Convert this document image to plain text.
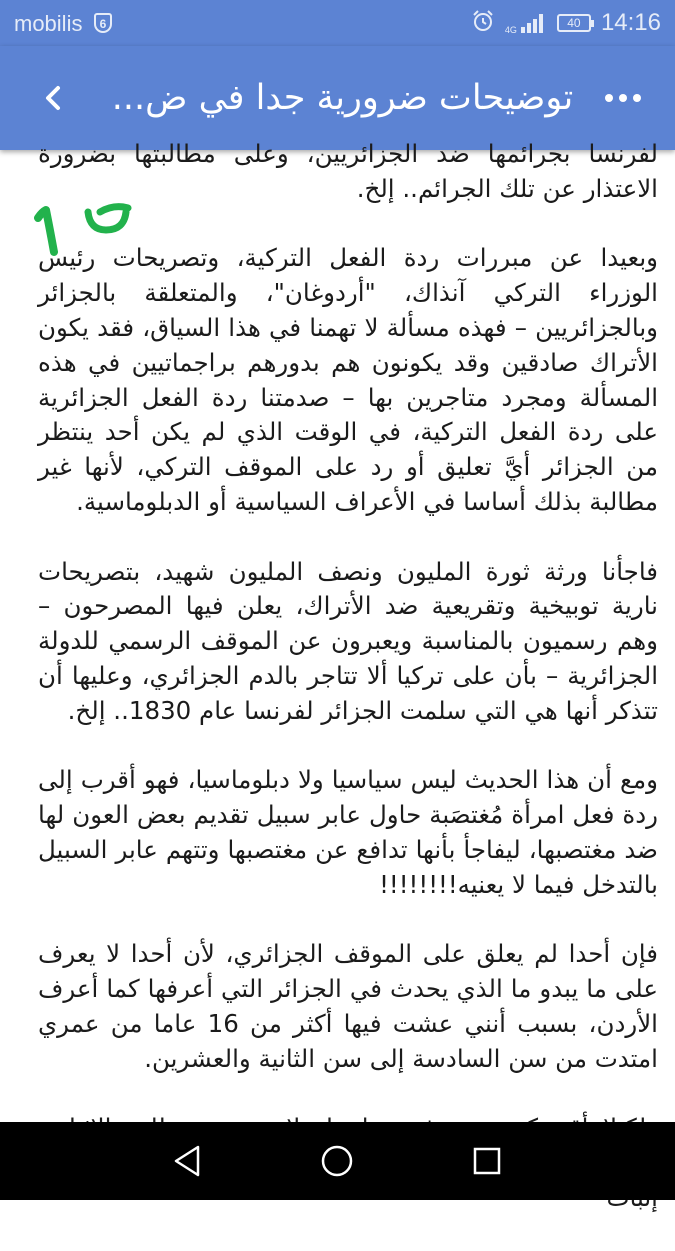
mobilis	6	4G	40 14:16
توضيحات ضرورية جدا في ض...

لفرنسا بجرائمها ضد الجزائريين، وعلى مطالبتها بضرورة الاعتذار عن تلك الجرائم.. إلخ.

وبعيدا عن مبررات ردة الفعل التركية، وتصريحات رئيس الوزراء التركي آنذاك، "أردوغان"، والمتعلقة بالجزائر وبالجزائريين – فهذه مسألة لا تهمنا في هذا السياق، فقد يكون الأتراك صادقين وقد يكونون هم بدورهم براجماتيين في هذه المسألة ومجرد متاجرين بها – صدمتنا ردة الفعل الجزائرية على ردة الفعل التركية، في الوقت الذي لم يكن أحد ينتظر من الجزائر أيَّ تعليق أو رد على الموقف التركي، لأنها غير مطالبة بذلك أساسا في الأعراف السياسية أو الدبلوماسية.

فاجأنا ورثة ثورة المليون ونصف المليون شهيد، بتصريحات نارية توبيخية وتقريعية ضد الأتراك، يعلن فيها المصرحون – وهم رسميون بالمناسبة ويعبرون عن الموقف الرسمي للدولة الجزائرية – بأن على تركيا ألا تتاجر بالدم الجزائري، وعليها أن تتذكر أنها هي التي سلمت الجزائر لفرنسا عام 1830.. إلخ.

ومع أن هذا الحديث ليس سياسيا ولا دبلوماسيا، فهو أقرب إلى ردة فعل امرأة مُغتصَبة حاول عابر سبيل تقديم بعض العون لها ضد مغتصبها، ليفاجأ بأنها تدافع عن مغتصبها وتتهم عابر السبيل بالتدخل فيما لا يعنيه!!!!!!!!

فإن أحدا لم يعلق على الموقف الجزائري، لأن أحدا لا يعرف على ما يبدو ما الذي يحدث في الجزائر التي أعرفها كما أعرف الأردن، بسبب أنني عشت فيها أكثر من 16 عاما من عمري امتدت من سن السادسة إلى سن الثانية والعشرين.
